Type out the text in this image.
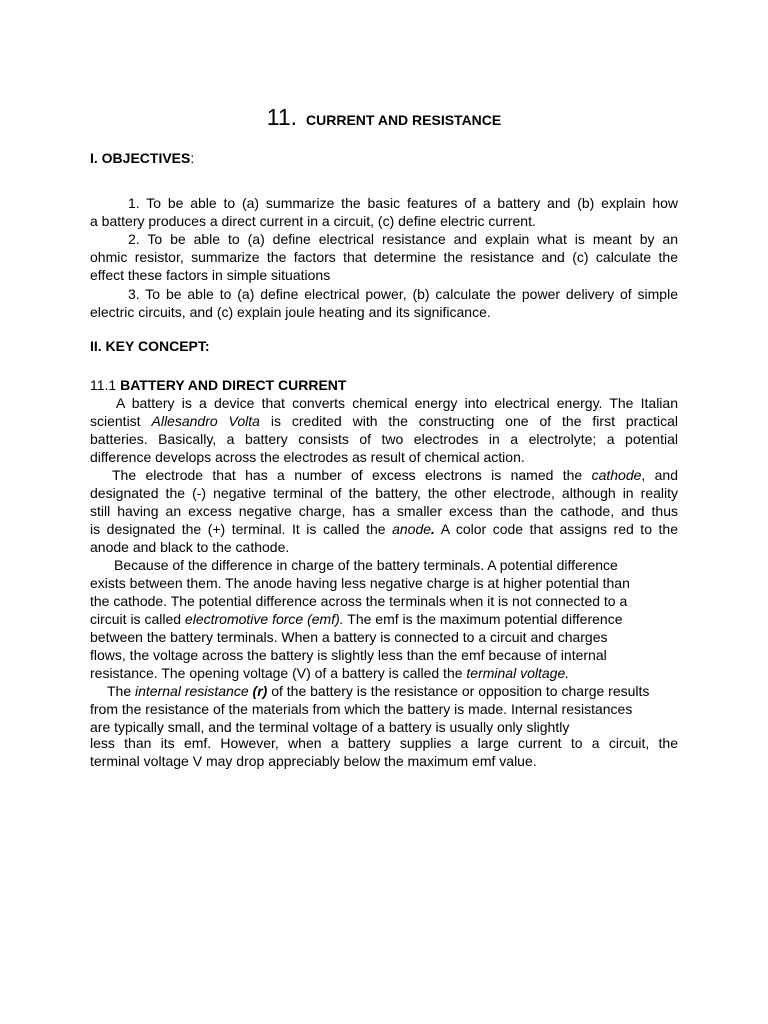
11. CURRENT AND RESISTANCE
I. OBJECTIVES:
1. To be able to (a) summarize the basic features of a battery and (b) explain how
a battery produces a direct current in a circuit, (c) define electric current.
2. To be able to (a) define electrical resistance and explain what is meant by an
ohmic resistor, summarize the factors that determine the resistance and (c) calculate the
effect these factors in simple situations
3. To be able to (a) define electrical power, (b) calculate the power delivery of simple
electric circuits, and (c) explain joule heating and its significance.
II. KEY CONCEPT:
11.1 BATTERY AND DIRECT CURRENT
A battery is a device that converts chemical energy into electrical energy. The Italian
scientist Allesandro Volta is credited with the constructing one of the first practical
batteries. Basically, a battery consists of two electrodes in a electrolyte; a potential
difference develops across the electrodes as result of chemical action.
The electrode that has a number of excess electrons is named the cathode, and
designated the (-) negative terminal of the battery, the other electrode, although in reality
still having an excess negative charge, has a smaller excess than the cathode, and thus
is designated the (+) terminal. It is called the anode. A color code that assigns red to the
anode and black to the cathode.
Because of the difference in charge of the battery terminals. A potential difference
exists between them. The anode having less negative charge is at higher potential than
the cathode. The potential difference across the terminals when it is not connected to a
circuit is called electromotive force (emf). The emf is the maximum potential difference
between the battery terminals. When a battery is connected to a circuit and charges
flows, the voltage across the battery is slightly less than the emf because of internal
resistance. The opening voltage (V) of a battery is called the terminal voltage.
The internal resistance (r) of the battery is the resistance or opposition to charge results
from the resistance of the materials from which the battery is made. Internal resistances
are typically small, and the terminal voltage of a battery is usually only slightly
less than its emf. However, when a battery supplies a large current to a circuit, the
terminal voltage V may drop appreciably below the maximum emf value.
